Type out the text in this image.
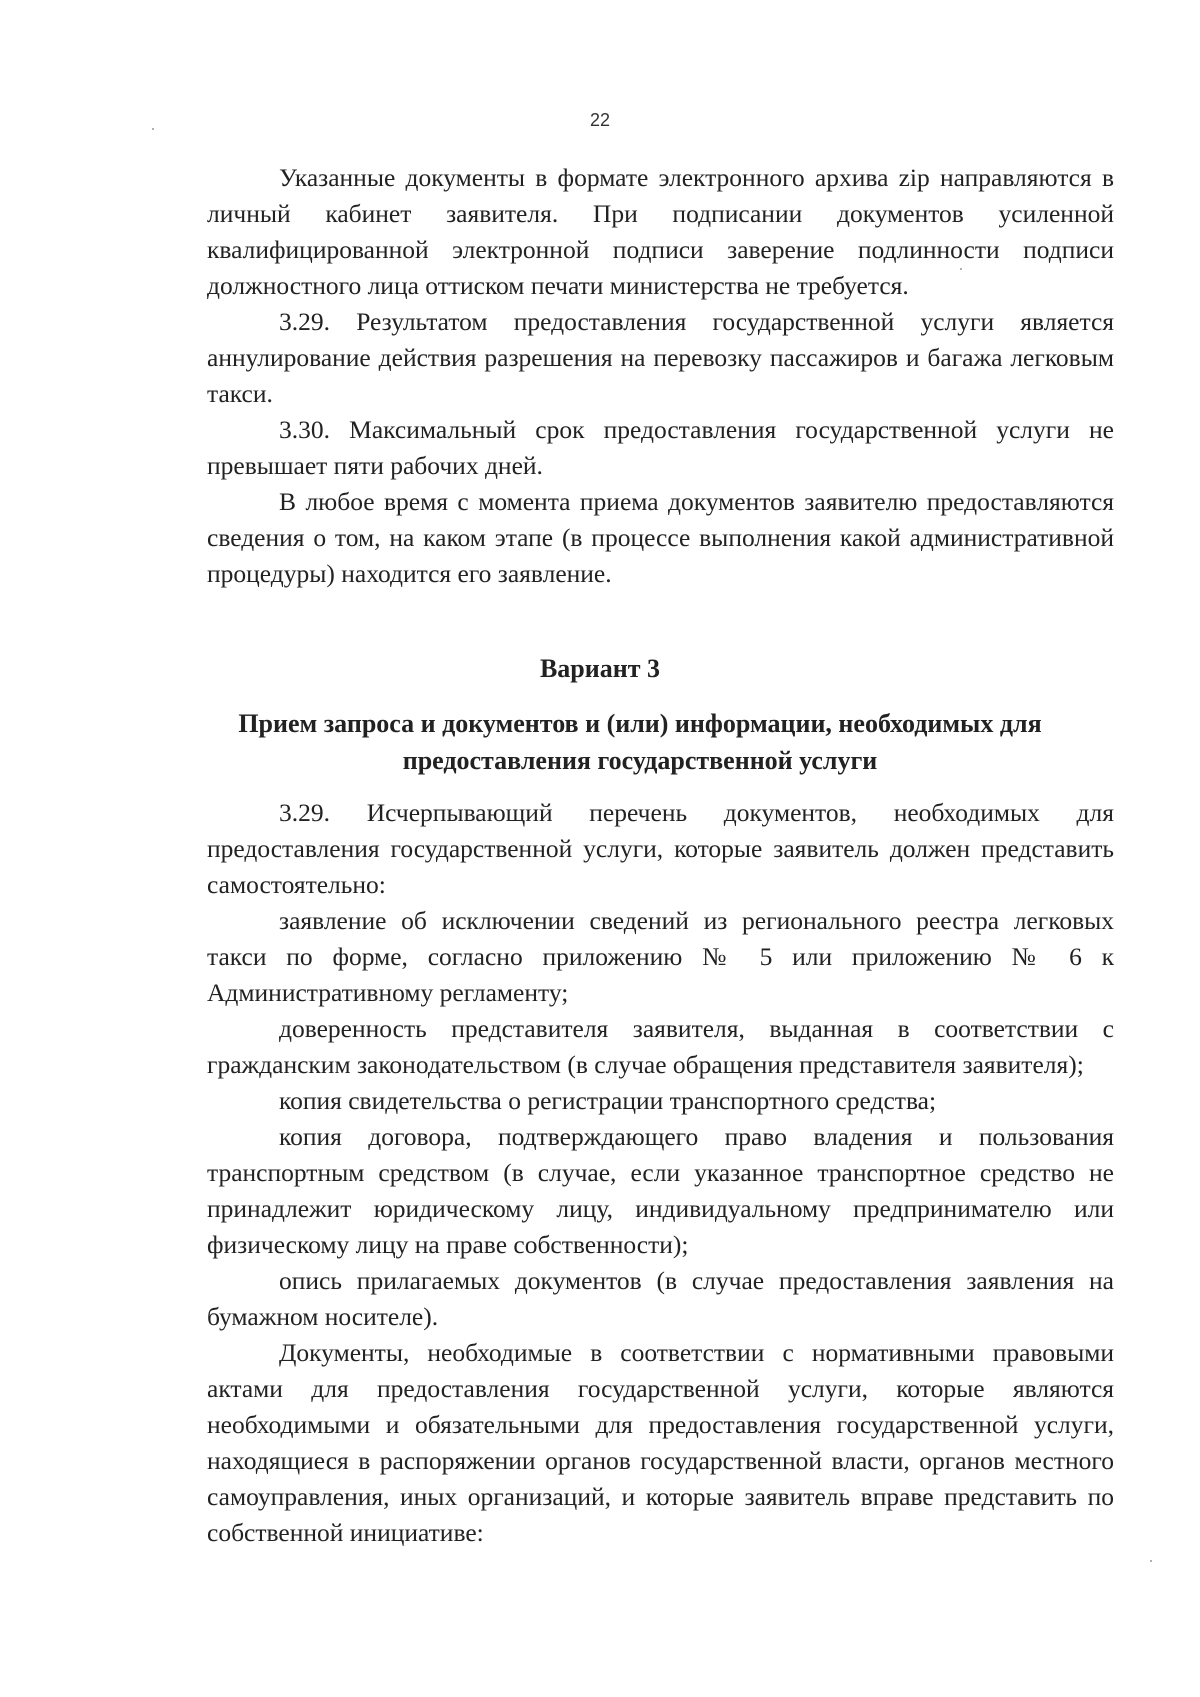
22

Указанные документы в формате электронного архива zip направляются в личный кабинет заявителя. При подписании документов усиленной квалифицированной электронной подписи заверение подлинности подписи должностного лица оттиском печати министерства не требуется.

3.29. Результатом предоставления государственной услуги является аннулирование действия разрешения на перевозку пассажиров и багажа легковым такси.

3.30. Максимальный срок предоставления государственной услуги не превышает пяти рабочих дней.

В любое время с момента приема документов заявителю предоставляются сведения о том, на каком этапе (в процессе выполнения какой административной процедуры) находится его заявление.

Вариант 3
Прием запроса и документов и (или) информации, необходимых для предоставления государственной услуги

3.29. Исчерпывающий перечень документов, необходимых для предоставления государственной услуги, которые заявитель должен представить самостоятельно:

заявление об исключении сведений из регионального реестра легковых такси по форме, согласно приложению № 5 или приложению № 6 к Административному регламенту;

доверенность представителя заявителя, выданная в соответствии с гражданским законодательством (в случае обращения представителя заявителя);

копия свидетельства о регистрации транспортного средства;

копия договора, подтверждающего право владения и пользования транспортным средством (в случае, если указанное транспортное средство не принадлежит юридическому лицу, индивидуальному предпринимателю или физическому лицу на праве собственности);

опись прилагаемых документов (в случае предоставления заявления на бумажном носителе).

Документы, необходимые в соответствии с нормативными правовыми актами для предоставления государственной услуги, которые являются необходимыми и обязательными для предоставления государственной услуги, находящиеся в распоряжении органов государственной власти, органов местного самоуправления, иных организаций, и которые заявитель вправе представить по собственной инициативе:
